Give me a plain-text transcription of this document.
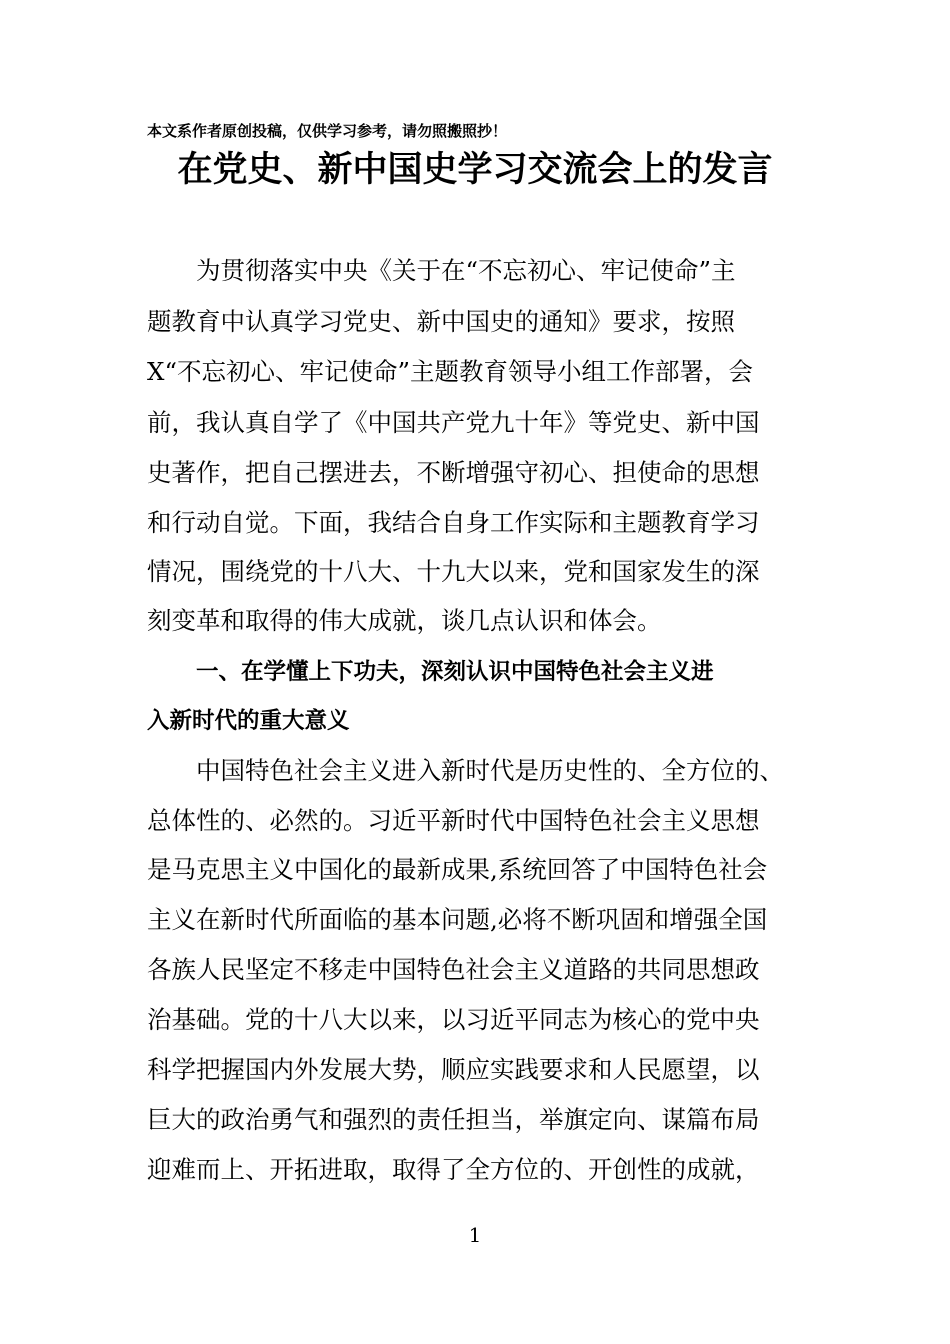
本文系作者原创投稿，仅供学习参考，请勿照搬照抄！
在党史、新中国史学习交流会上的发言
为贯彻落实中央《关于在“不忘初心、牢记使命”主
题教育中认真学习党史、新中国史的通知》要求，按照
X“不忘初心、牢记使命”主题教育领导小组工作部署，会
前，我认真自学了《中国共产党九十年》等党史、新中国
史著作，把自己摆进去，不断增强守初心、担使命的思想
和行动自觉。下面，我结合自身工作实际和主题教育学习
情况，围绕党的十八大、十九大以来，党和国家发生的深
刻变革和取得的伟大成就，谈几点认识和体会。
一、在学懂上下功夫，深刻认识中国特色社会主义进
入新时代的重大意义
中国特色社会主义进入新时代是历史性的、全方位的、
总体性的、必然的。习近平新时代中国特色社会主义思想
是马克思主义中国化的最新成果,系统回答了中国特色社会
主义在新时代所面临的基本问题,必将不断巩固和增强全国
各族人民坚定不移走中国特色社会主义道路的共同思想政
治基础。党的十八大以来，以习近平同志为核心的党中央
科学把握国内外发展大势，顺应实践要求和人民愿望，以
巨大的政治勇气和强烈的责任担当，举旗定向、谋篇布局
迎难而上、开拓进取，取得了全方位的、开创性的成就，
1
